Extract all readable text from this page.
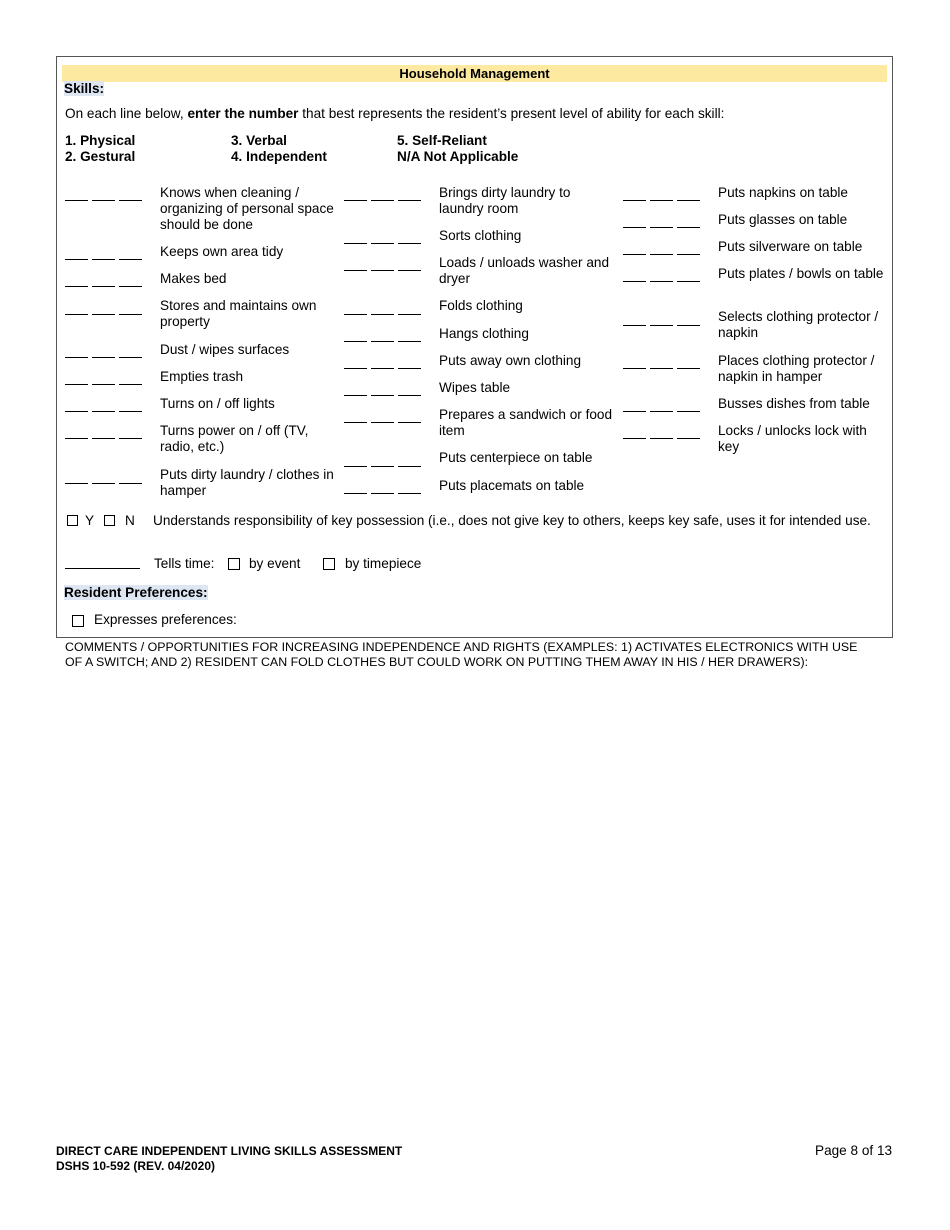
Household Management
Skills:
On each line below, enter the number that best represents the resident’s present level of ability for each skill:
1. Physical
2. Gestural
3. Verbal
4. Independent
5. Self-Reliant
N/A Not Applicable
Knows when cleaning / organizing of personal space should be done
Keeps own area tidy
Makes bed
Stores and maintains own property
Dust / wipes surfaces
Empties trash
Turns on / off lights
Turns power on / off (TV, radio, etc.)
Puts dirty laundry / clothes in hamper
Brings dirty laundry to laundry room
Sorts clothing
Loads / unloads washer and dryer
Folds clothing
Hangs clothing
Puts away own clothing
Wipes table
Prepares a sandwich or food item
Puts centerpiece on table
Puts placemats on table
Puts napkins on table
Puts glasses on table
Puts silverware on table
Puts plates / bowls on table
Selects clothing protector / napkin
Places clothing protector / napkin in hamper
Busses dishes from table
Locks / unlocks lock with key
Y N Understands responsibility of key possession (i.e., does not give key to others, keeps key safe, uses it for intended use.
Tells time:	by event	by timepiece
Resident Preferences:
Expresses preferences:
COMMENTS / OPPORTUNITIES FOR INCREASING INDEPENDENCE AND RIGHTS (EXAMPLES: 1) ACTIVATES ELECTRONICS WITH USE OF A SWITCH; AND 2) RESIDENT CAN FOLD CLOTHES BUT COULD WORK ON PUTTING THEM AWAY IN HIS / HER DRAWERS):
DIRECT CARE INDEPENDENT LIVING SKILLS ASSESSMENT
DSHS 10-592 (REV. 04/2020)
Page 8 of 13
